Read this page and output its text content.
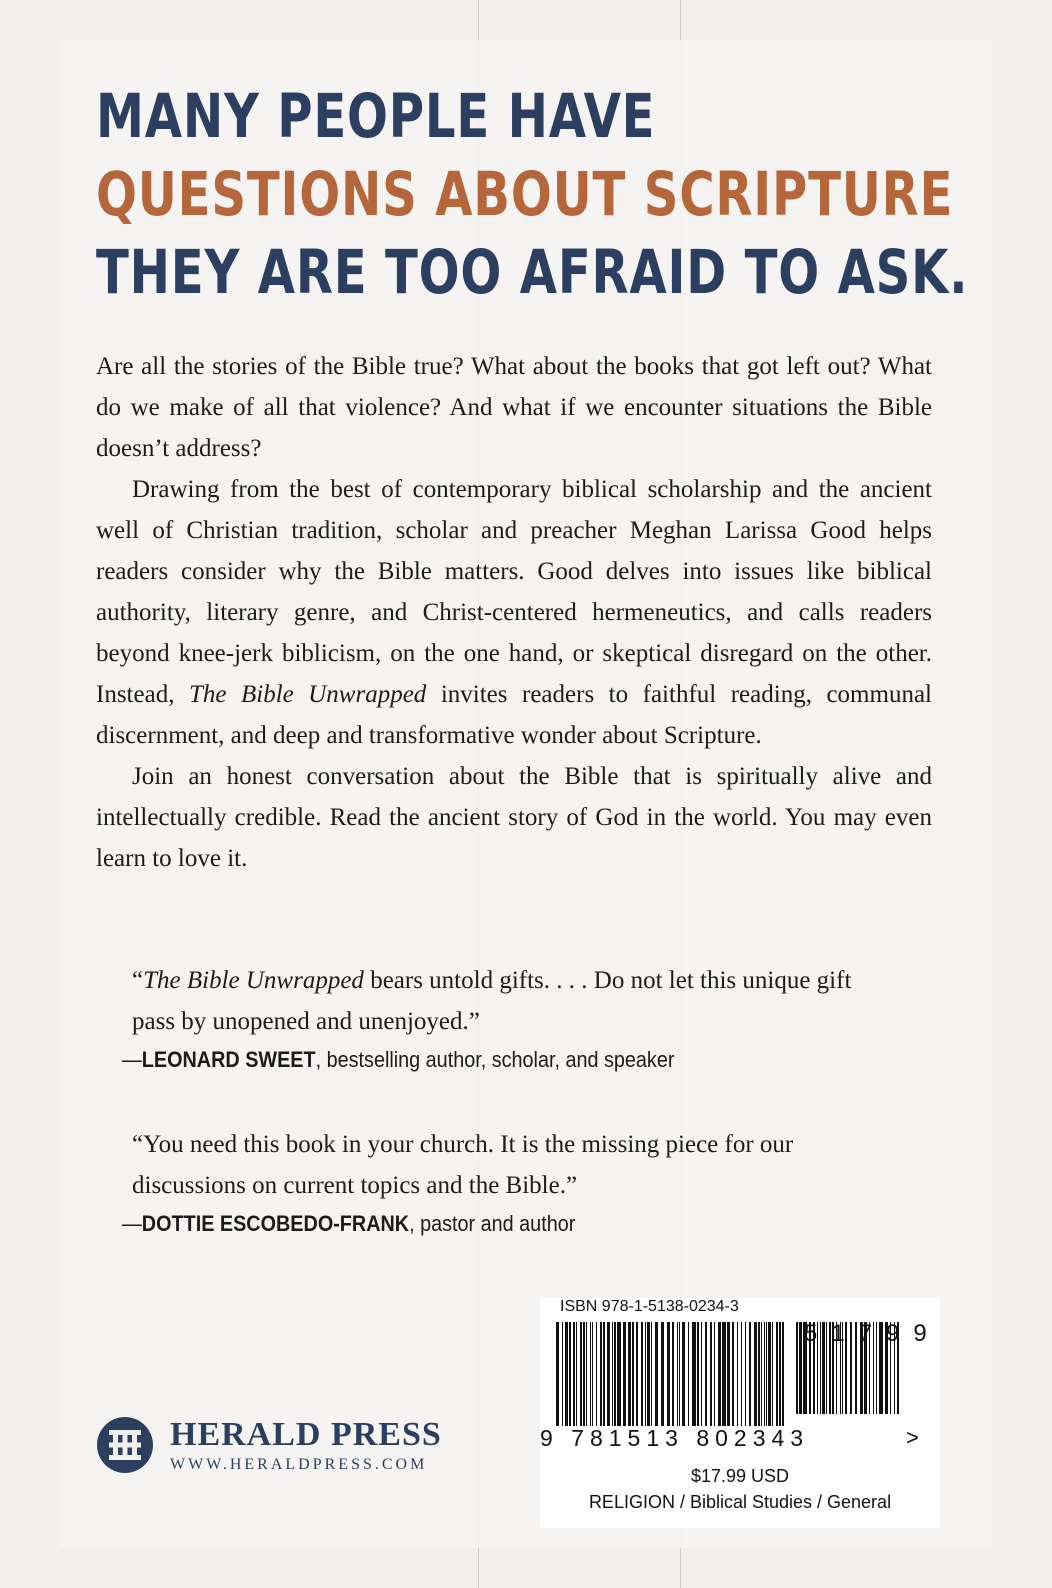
MANY PEOPLE HAVE
QUESTIONS ABOUT SCRIPTURE
THEY ARE TOO AFRAID TO ASK.

Are all the stories of the Bible true? What about the books that got left out? What do we make of all that violence? And what if we encounter situations the Bible doesn’t address?

Drawing from the best of contemporary biblical scholarship and the ancient well of Christian tradition, scholar and preacher Meghan Larissa Good helps readers consider why the Bible matters. Good delves into issues like biblical authority, literary genre, and Christ-centered hermeneutics, and calls readers beyond knee-jerk biblicism, on the one hand, or skeptical disregard on the other. Instead, The Bible Unwrapped invites readers to faithful reading, communal discernment, and deep and transformative wonder about Scripture.

Join an honest conversation about the Bible that is spiritually alive and intellectually credible. Read the ancient story of God in the world. You may even learn to love it.

“The Bible Unwrapped bears untold gifts. . . . Do not let this unique gift pass by unopened and unenjoyed.”
—LEONARD SWEET, bestselling author, scholar, and speaker
“You need this book in your church. It is the missing piece for our discussions on current topics and the Bible.”
—DOTTIE ESCOBEDO-FRANK, pastor and author
HERALD PRESS
WWW.HERALDPRESS.COM
ISBN 978-1-5138-0234-3
51799
9 781513 802343	>
$17.99 USD
RELIGION / Biblical Studies / General
